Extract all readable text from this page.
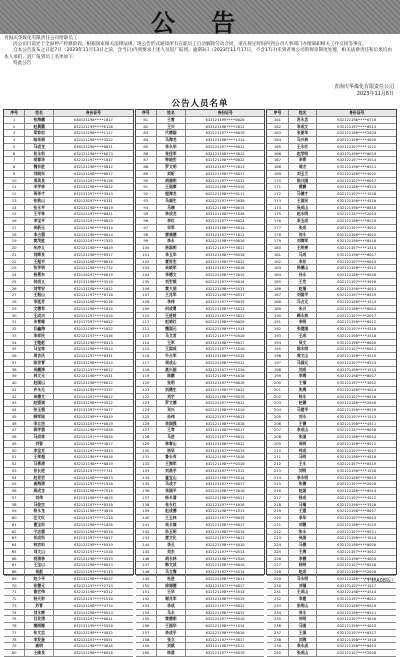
公 告

青海庆华煤化有限责任公司给职员工：

因公司目前处于全面停产检修阶段，根据国家相关法律法规，现公告形式通知所有在职员工自动解除劳动合同，请在规定时间内到公司人事部门办理离职相关工作交接等事宜。

自本公告发布之日起7日（2023年11月13日之前，含当日)内到要求上述人员返厂报到。逾期3日（2023年11月17日，不含17日)未到者视公司的规章制度处理，相关法律责任和后果均由本人承担。返厂报到员工名单如下：

特此公告

青海庆华煤化有限责任公司
2023年11月6日
公告人员名单
序号	姓名	身份证号
1	张海鹏	630121198****1017
2	赵晨霞	632121199****6120
3	梁家松	632122198****1117
4	陆华丽	632121198****3522
5	马成龙	630121199****0031
6	张永科	632121198****6673
7	胡春华	632121197****1017
8	魏有胜	632121196****5812
9	刘晓东	632121198****0017
10	邢美良	632121197****8136
11	宋学林	632121198****3032
12	蒋华才	632121197****3513
13	张铁山	632123197****0331
14	张永平	632121198****0019
15	王平林	632121197****0811
16	李宝平	632122197****0019
17	吴新元	632121196****0314
18	李占强	632121198****0014
19	黄茂胜	632121197****7533
20	朱冲义	632121198****0019
21	刘辉良	632121198****6917
22	王超平	632121198****8016
23	张学明	632121198****1732
24	杨勇东	632126197****0019
25	何成义	632121198****3510
26	刘荣安	632121198****1012
27	王振山	632121197****0710
28	李延芳	632121198****0216
29	文德军	632121198****1015
30	王成兴	632121197****1616
31	朱雪峰	632127197****0012
32	巨鑫海	632121198****1022
33	李祥民	632121197****1536
34	王继彪	632121198****0513
35	马宝林	632121198****3514
36	周吉庆	632121197****8331
37	陈世青	632121198****1514
38	吴鹏涛	632121197****0012
39	林文元	632121198****4511
40	赵国山	632121198****6812
41	许永元	632121199****3337
42	吴德文	632121197****0012
43	赵强斌	632121198****4512
44	张玉强	632121197****3017
45	韩军刚	632121198****0519
46	李立法	632121197****0019
47	蒋学强	632121198****1818
48	马成林	632121197****5016
49	刘智	632121198****4017
50	李宝光	632121197****3513
51	王孝超	632121198****6016
52	马勇清	632121198****0019
53	张长进	632121197****7711
54	赵世宏	632121198****0013
55	高海清	632121197****1518
56	蒋成龙	632121198****7515
57	刘伟	632121198****4015
58	马俊杰	632121197****0510
59	杨永龙	632121198****4034
60	汪文红	632121197****1210
61	曹宝科	632121198****1026
62	宁志强	632121198****0510
63	祁成科	632121197****5017
64	林吉科	632121198****0519
65	刘文山	632121197****1510
66	杨清林	632121198****4519
67	王宝山	632121198****6013
68	吴彪	632121197****6113
69	赵小平	632121198****0537
70	张德元	632121197****2713
71	鲁宏伟	632121198****0312
72	杨天财	632121197****1510
73	苏青	632121198****4714
74	刘永辉	632121198****0513
75	吕发清	632121197****0011
76	秦丽娜	632121199****5520
77	张文忠	632121198****4012
78	李发奎	632121197****0551
79	高明	632121198****4016
80	王维良	632121198****6018
序号	姓名	身份证号
81	王雪	632121199****0020
82	王兴	632121198****2012
83	代德国	632121197****0019
84	马海龙	632121198****1314
85	李永华	632121197****0812
86	张佳军	632121198****3012
87	钟晓宏	632121198****0012
88	罗文明	632121197****2013
89	刘昕	632121198****8617
90	胡福明	632121197****4512
91	王国康	632121198****6319
92	程海龙	632121198****0111
93	马福生	632121197****3030
94	马瑞	632121198****0015
95	李成龙	632121198****1536
96	李红	632121197****0024
97	宋军	632121198****4014
98	廖福德	632121197****1011
99	李永	632121198****0016
100	杨国明	632121197****3011
101	李玉华	632121198****0518
102	雷世宏	632121198****4012
103	吴晓军	632121197****0018
104	李德文	632121198****2019
105	刘宏斌	632121197****6014
106	黄大朋	632121198****5513
107	王兆军	632121198****0517
108	李伟	632121197****0019
109	何成勇	632121198****4513
110	王进财	632121197****3011
111	赵晓红	632121198****0020
112	魏国元	632121198****1514
113	马文君	632121197****0510
114	王军	632121198****6017
115	王国成	632121197****1510
116	牛占军	632121198****4515
117	周成山	632121198****0312
118	高兴国	632121197****1516
119	陈鹏	632121198****4018
120	张明	632121197****0016
121	刘德生	632121198****2012
122	刘宇	632121198****0519
123	罗文德	632121197****3012
124	邓兴	632121198****4510
125	孙伟	632121197****0013
126	李国强	632121198****1818
127	王寿	632121198****0517
128	马进	632121197****6015
129	林春山	632121198****4012
130	杨华	632121197****0519
131	鲁长有	632121198****3516
132	王海军	632121198****0310
133	刘昌平	632121197****1512
134	童宝山	632121198****4514
135	马成才	632121197****0017
136	李国平	632121198****2018
137	杨永清	632121198****0511
138	张永红	632121197****4016
139	赵成德	632121198****1513
140	王玉林	632121197****0019
141	吴永福	632121198****6017
142	孙玉明	632121198****0514
143	唐文化	632121197****3012
144	李云	632121198****4010
145	刘杰	632121197****0513
146	胡永林	632121198****1516
147	韩文成	632121198****0018
148	马立海	632121197****4514
149	杜进	632121198****2011
150	徐福德	632121197****0017
151	王华	632121198****3513
152	谢兆军	632121198****0519
153	李成	632121197****6012
154	马永	632121198****4015
155	黄德明	632121197****0510
156	王国华	632121198****1514
157	李成平	632121198****0016
158	张立	632121197****3017
159	刘斌	632121198****4512
160	杨清	632121197****0519
序号	姓名	身份证号
161	苏永忠	632121198****6710
162	李成文	632121197****0513
163	张丽华	632121198****2024
164	马兴林	632121198****4016
165	王永红	632121197****1512
166	赵学明	632121198****0019
167	李青	632121197****3514
168	周杰	632121198****0511
169	刘玉兰	632121198****4022
170	陈兴国	632121197****6017
171	黄鹏	632121198****0513
172	马德才	632121197****1518
173	王国民	632121198****4510
174	吴成山	632121198****0016
175	赵永明	632121197****2014
176	李玉成	632121198****0519
177	张成	632121197****3012
178	何永	632121198****4015
179	刘海军	632121198****0510
180	王明亮	632121197****1514
181	马成	632121198****0017
182	李东	632121197****6013
183	杨德山	632121198****4512
184	孙永	632121198****0518
185	王宏	632121197****3016
186	赵福	632121198****4011
187	刘国平	632121197****0519
188	马占元	632121198****1513
189	朱兴	632121198****0014
190	韩永林	632121197****2017
191	李明	632121198****0512
192	张建国	632121197****4510
193	王成	632121198****3518
194	吴文	632121198****0016
195	陈永明	632121197****6011
196	周文山	632121198****4519
197	马国元	632121197****0513
198	刘成	632121198****1515
199	李海	632121198****0017
200	王福	632121197****3012
201	张海	632121198****4014
202	杨永	632121197****0510
203	赵德	632121198****2016
204	马建平	632121198****0519
205	刘永	632121197****1513
206	王德	632121198****4511
207	李成山	632121197****0018
208	张国	632121198****6014
209	吴明	632121198****0512
210	何成	632121197****3017
211	马明	632121198****4010
212	王永	632121197****0519
213	刘明	632121198****1516
214	李永明	632121198****0013
215	张德	632121197****2018
216	赵国	632121198****0514
217	杨成	632121197****4512
218	马福	632121198****3510
219	王建	632121198****0017
220	李华	632121197****6013
221	刘德	632121198****4519
222	张永	632121197****0511
223	吴国	632121198****1514
224	马德	632121198****0016
225	王海	632121197****3012
226	李德	632121198****4015
227	杨明	632121197****0518
228	赵成	632121198****2010
229	马永明	632121198****0513
230	刘福	632121197****1517
231	王成山	632121198****4514
232	李建	632121197****0012
233	张明山	632121198****6019
234	吴永	632121198****0511
235	何明	632121197****3016
236	马国	632121198****4013
237	王国	632121197****0517
238	刘海	632121198****1510
239	李永成	632121198****0014
240	张成山	632121197****2018
（下转A08版）
